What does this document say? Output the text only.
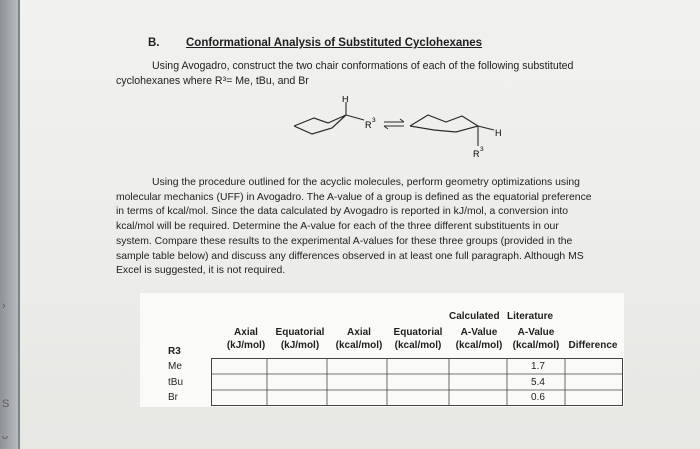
›
S
ᴗ
B. Conformational Analysis of Substituted Cyclohexanes
Using Avogadro, construct the two chair conformations of each of the following substituted
cyclohexanes where R³= Me, tBu, and Br
H
R 3
H
R 3

Using the procedure outlined for the acyclic molecules, perform geometry optimizations using

molecular mechanics (UFF) in Avogadro. The A-value of a group is defined as the equatorial preference

in terms of kcal/mol. Since the data calculated by Avogadro is reported in kJ/mol, a conversion into

kcal/mol will be required. Determine the A-value for each of the three different substituents in our

system. Compare these results to the experimental A-values for these three groups (provided in the

sample table below) and discuss any differences observed in at least one full paragraph. Although MS

Excel is suggested, it is not required.

Calculated Literature
Axial
(kJ/mol)
Equatorial
(kJ/mol)
Axial
(kcal/mol)
Equatorial
(kcal/mol)
A-Value
(kcal/mol)
A-Value
(kcal/mol) Difference
R3
Me
tBu
Br
1.7
5.4
0.6
